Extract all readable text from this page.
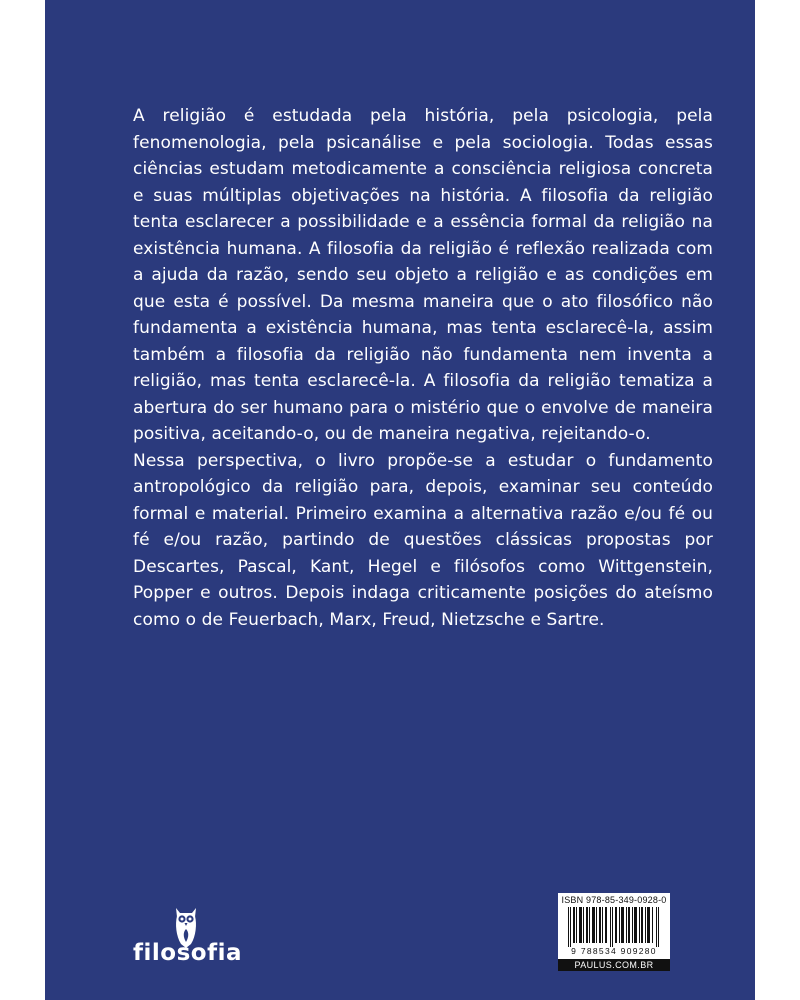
A religião é estudada pela história, pela psicologia, pela fenomenologia, pela psicanálise e pela sociologia. Todas essas ciências estudam metodicamente a consciência religiosa concreta e suas múltiplas objetivações na história. A filosofia da religião tenta esclarecer a possibilidade e a essência formal da religião na existência humana. A filosofia da religião é reflexão realizada com a ajuda da razão, sendo seu objeto a religião e as condições em que esta é possível. Da mesma maneira que o ato filosófico não fundamenta a existência humana, mas tenta esclarecê-la, assim também a filosofia da religião não fundamenta nem inventa a religião, mas tenta esclarecê-la. A filosofia da religião tematiza a abertura do ser humano para o mistério que o envolve de maneira positiva, aceitando-o, ou de maneira negativa, rejeitando-o.

Nessa perspectiva, o livro propõe-se a estudar o fundamento antropológico da religião para, depois, examinar seu conteúdo formal e material. Primeiro examina a alternativa razão e/ou fé ou fé e/ou razão, partindo de questões clássicas propostas por Descartes, Pascal, Kant, Hegel e filósofos como Wittgenstein, Popper e outros. Depois indaga criticamente posições do ateísmo como o de Feuerbach, Marx, Freud, Nietzsche e Sartre.

filosofia
ISBN 978-85-349-0928-0
9 788534 909280
PAULUS.COM.BR
